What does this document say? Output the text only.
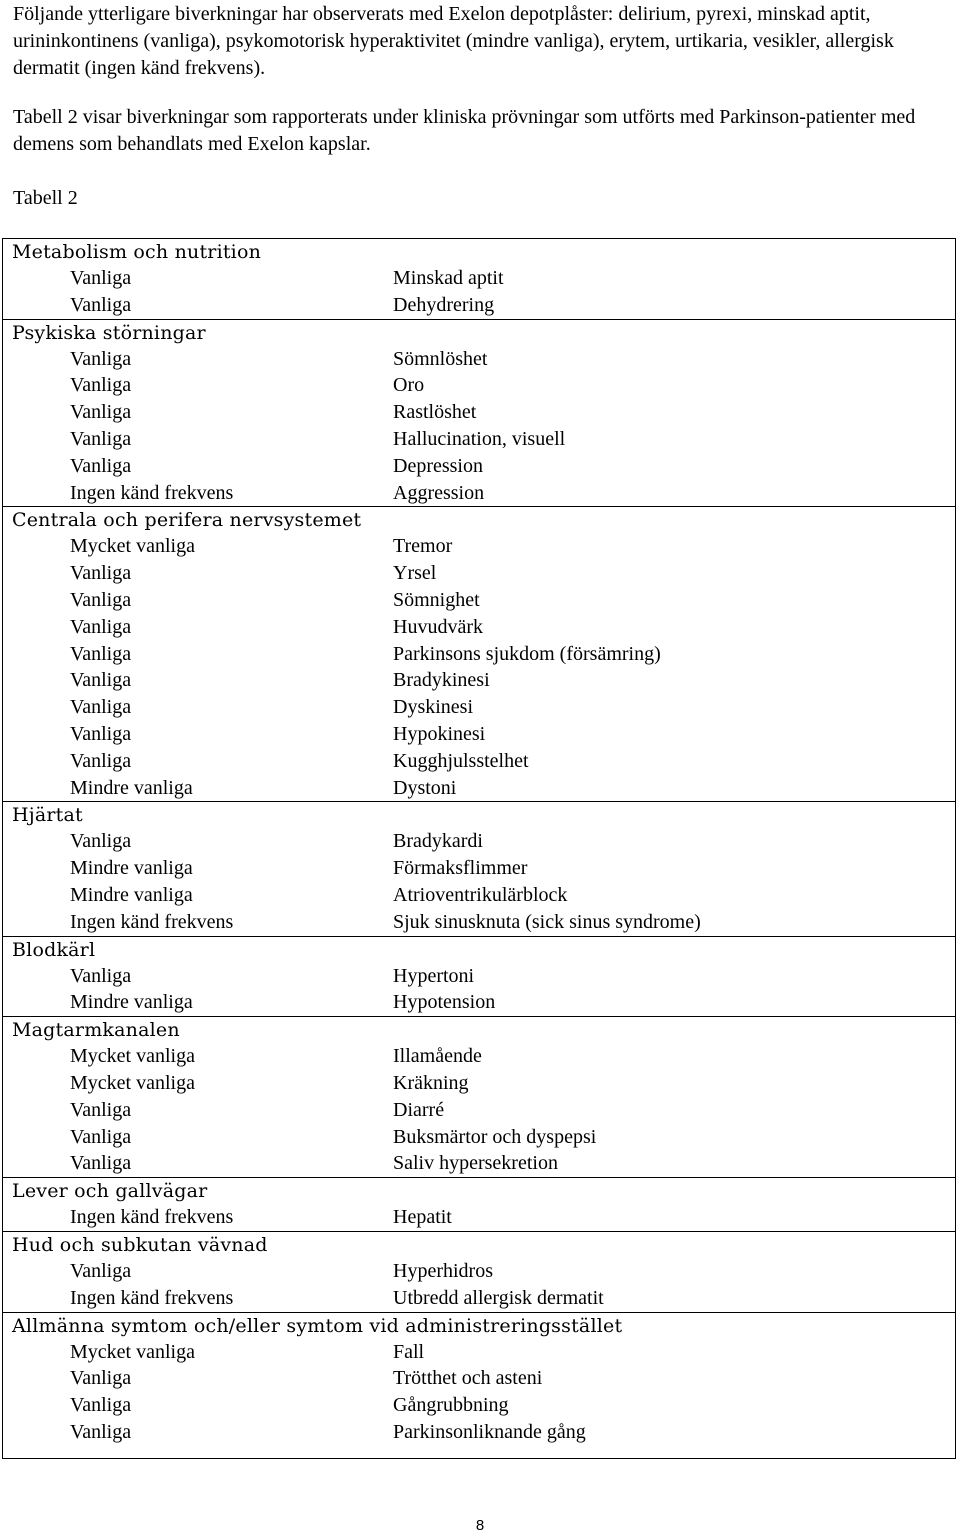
Följande ytterligare biverkningar har observerats med Exelon depotplåster: delirium, pyrexi, minskad aptit, urininkontinens (vanliga), psykomotorisk hyperaktivitet (mindre vanliga), erytem, urtikaria, vesikler, allergisk dermatit (ingen känd frekvens).

Tabell 2 visar biverkningar som rapporterats under kliniska prövningar som utförts med Parkinson-patienter med demens som behandlats med Exelon kapslar.

Tabell 2

Metabolism och nutrition
Vanliga	Minskad aptit
Vanliga	Dehydrering
Psykiska störningar
Vanliga	Sömnlöshet
Vanliga	Oro
Vanliga	Rastlöshet
Vanliga	Hallucination, visuell
Vanliga	Depression
Ingen känd frekvens	Aggression
Centrala och perifera nervsystemet
Mycket vanliga	Tremor
Vanliga	Yrsel
Vanliga	Sömnighet
Vanliga	Huvudvärk
Vanliga	Parkinsons sjukdom (försämring)
Vanliga	Bradykinesi
Vanliga	Dyskinesi
Vanliga	Hypokinesi
Vanliga	Kugghjulsstelhet
Mindre vanliga	Dystoni
Hjärtat
Vanliga	Bradykardi
Mindre vanliga	Förmaksflimmer
Mindre vanliga	Atrioventrikulärblock
Ingen känd frekvens	Sjuk sinusknuta (sick sinus syndrome)
Blodkärl
Vanliga	Hypertoni
Mindre vanliga	Hypotension
Magtarmkanalen
Mycket vanliga	Illamående
Mycket vanliga	Kräkning
Vanliga	Diarré
Vanliga	Buksmärtor och dyspepsi
Vanliga	Saliv hypersekretion
Lever och gallvägar
Ingen känd frekvens	Hepatit
Hud och subkutan vävnad
Vanliga	Hyperhidros
Ingen känd frekvens	Utbredd allergisk dermatit
Allmänna symtom och/eller symtom vid administreringsstället
Mycket vanliga	Fall
Vanliga	Trötthet och asteni
Vanliga	Gångrubbning
Vanliga	Parkinsonliknande gång
8
